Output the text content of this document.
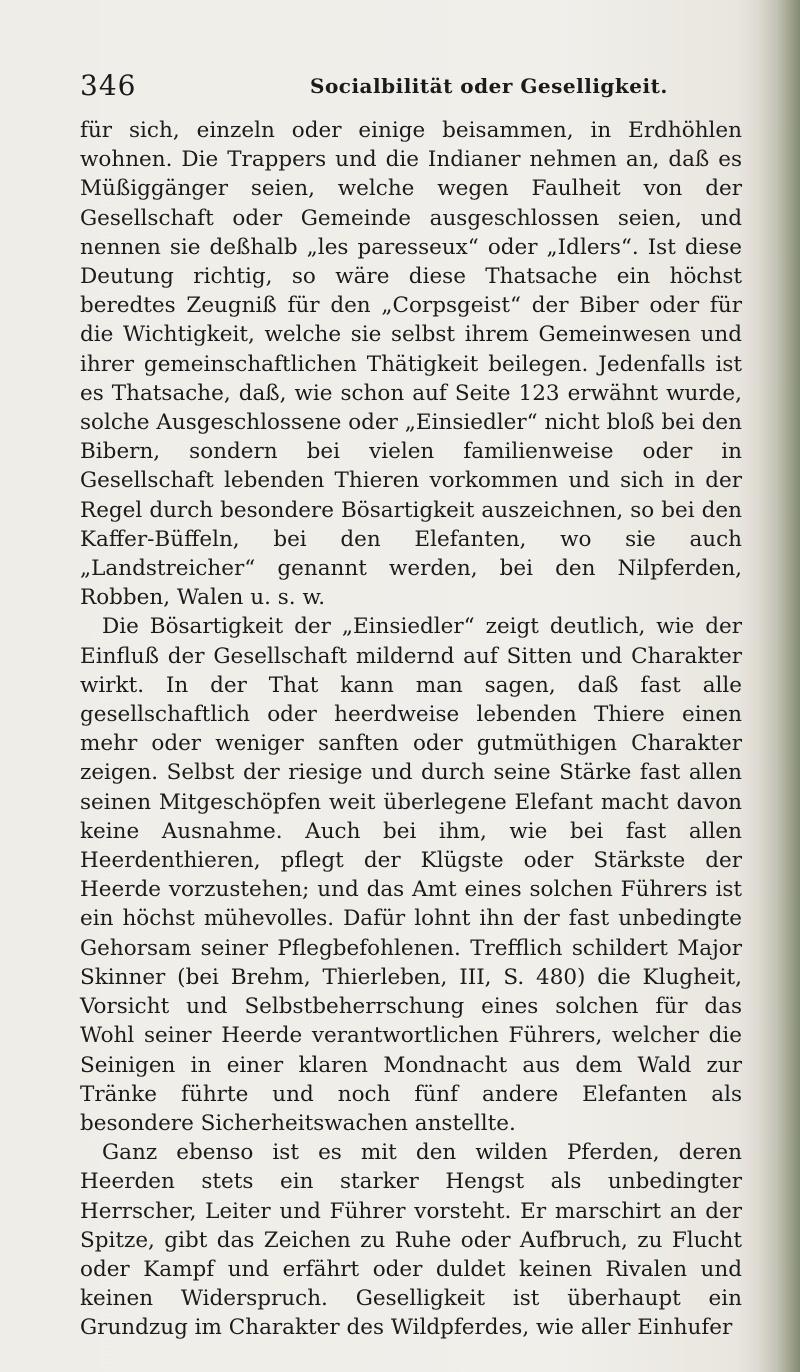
346	Socialbilität oder Geselligkeit.

für sich, einzeln oder einige beisammen, in Erdhöhlen wohnen. Die Trappers und die Indianer nehmen an, daß es Müßiggänger seien, welche wegen Faulheit von der Gesellschaft oder Gemeinde ausgeschlossen seien, und nennen sie deßhalb „les paresseux“ oder „Idlers“. Ist diese Deutung richtig, so wäre diese Thatsache ein höchst beredtes Zeugniß für den „Corpsgeist“ der Biber oder für die Wichtigkeit, welche sie selbst ihrem Gemeinwesen und ihrer gemeinschaftlichen Thätigkeit beilegen. Jedenfalls ist es Thatsache, daß, wie schon auf Seite 123 erwähnt wurde, solche Ausgeschlossene oder „Einsiedler“ nicht bloß bei den Bibern, sondern bei vielen familienweise oder in Gesellschaft lebenden Thieren vorkommen und sich in der Regel durch besondere Bösartigkeit auszeichnen, so bei den Kaffer-Büffeln, bei den Elefanten, wo sie auch „Landstreicher“ genannt werden, bei den Nilpferden, Robben, Walen u. s. w.

Die Bösartigkeit der „Einsiedler“ zeigt deutlich, wie der Einfluß der Gesellschaft mildernd auf Sitten und Charakter wirkt. In der That kann man sagen, daß fast alle gesellschaftlich oder heerdweise lebenden Thiere einen mehr oder weniger sanften oder gutmüthigen Charakter zeigen. Selbst der riesige und durch seine Stärke fast allen seinen Mitgeschöpfen weit überlegene Elefant macht davon keine Ausnahme. Auch bei ihm, wie bei fast allen Heerdenthieren, pflegt der Klügste oder Stärkste der Heerde vorzustehen; und das Amt eines solchen Führers ist ein höchst mühevolles. Dafür lohnt ihn der fast unbedingte Gehorsam seiner Pflegbefohlenen. Trefflich schildert Major Skinner (bei Brehm, Thierleben, III, S. 480) die Klugheit, Vorsicht und Selbstbeherrschung eines solchen für das Wohl seiner Heerde verantwortlichen Führers, welcher die Seinigen in einer klaren Mondnacht aus dem Wald zur Tränke führte und noch fünf andere Elefanten als besondere Sicherheitswachen anstellte.

Ganz ebenso ist es mit den wilden Pferden, deren Heerden stets ein starker Hengst als unbedingter Herrscher, Leiter und Führer vorsteht. Er marschirt an der Spitze, gibt das Zeichen zu Ruhe oder Aufbruch, zu Flucht oder Kampf und erfährt oder duldet keinen Rivalen und keinen Widerspruch. Geselligkeit ist überhaupt ein Grundzug im Charakter des Wildpferdes, wie aller Einhufer
